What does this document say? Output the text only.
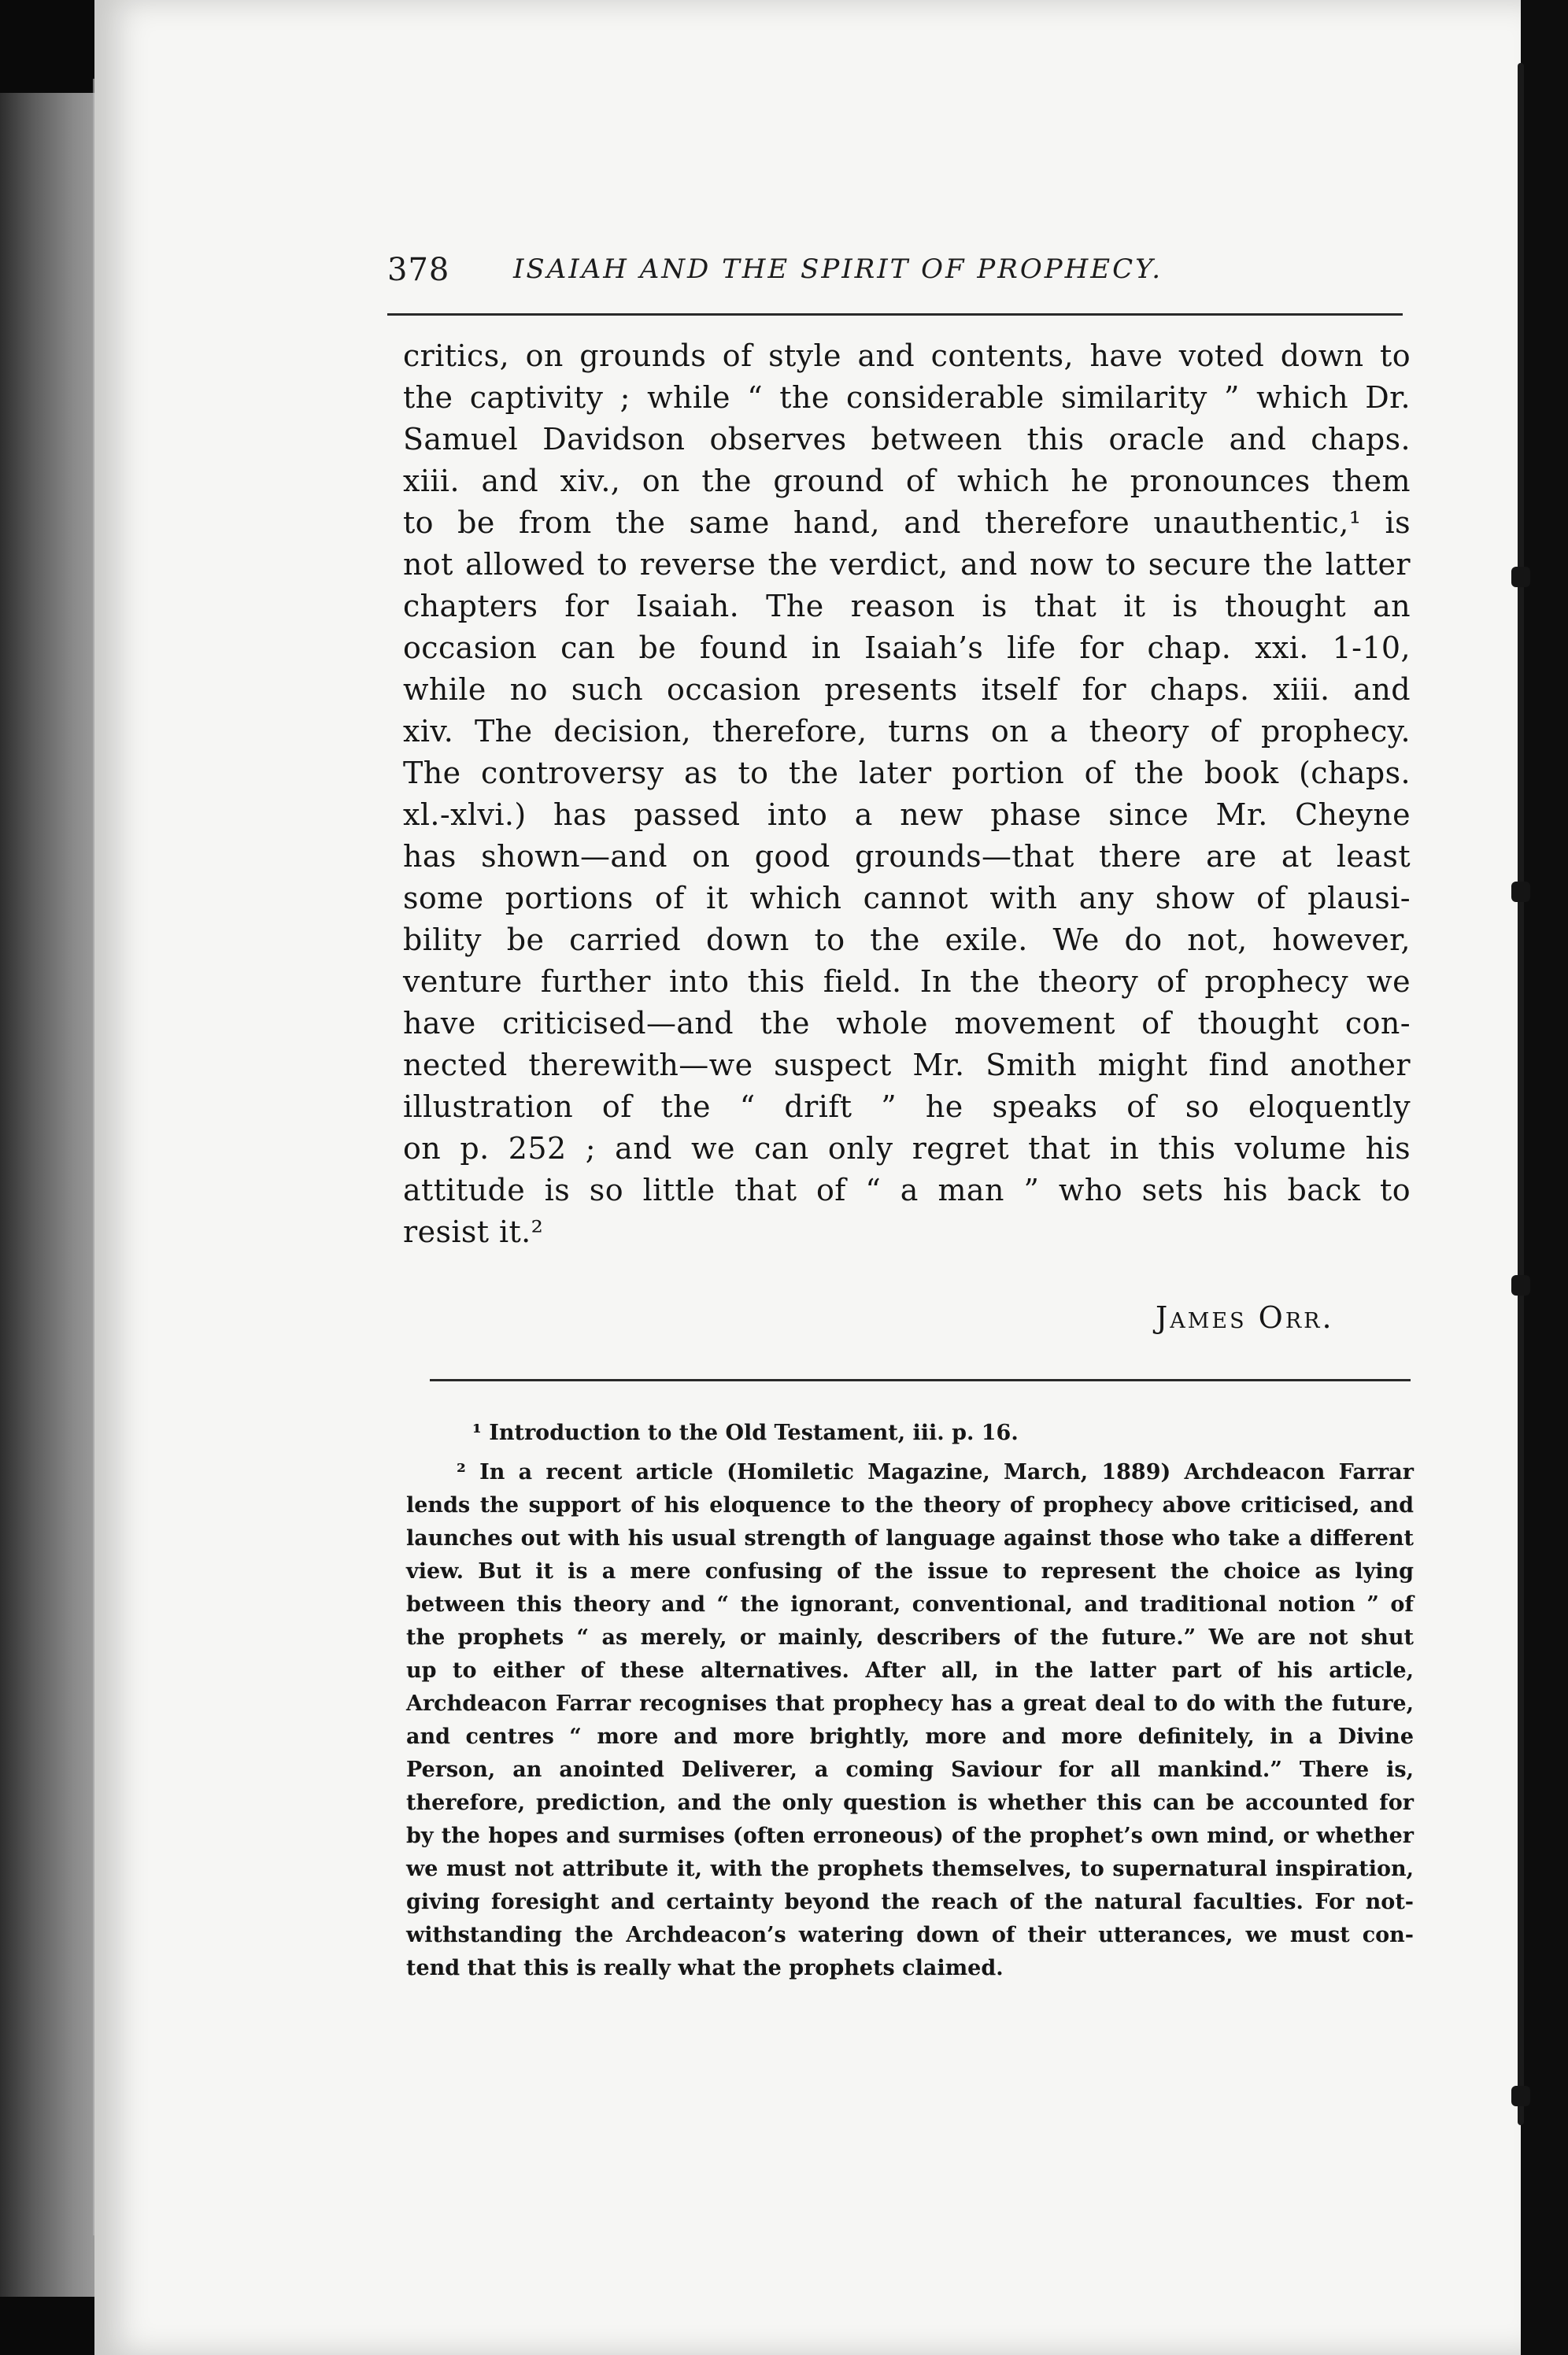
378 ISAIAH AND THE SPIRIT OF PROPHECY.
critics, on grounds of style and contents, have voted down to
the captivity ; while “ the considerable similarity ” which Dr.
Samuel Davidson observes between this oracle and chaps.
xiii. and xiv., on the ground of which he pronounces them
to be from the same hand, and therefore unauthentic,¹ is
not allowed to reverse the verdict, and now to secure the latter
chapters for Isaiah. The reason is that it is thought an
occasion can be found in Isaiah’s life for chap. xxi. 1-10,
while no such occasion presents itself for chaps. xiii. and
xiv. The decision, therefore, turns on a theory of prophecy.
The controversy as to the later portion of the book (chaps.
xl.-xlvi.) has passed into a new phase since Mr. Cheyne
has shown—and on good grounds—that there are at least
some portions of it which cannot with any show of plausi-
bility be carried down to the exile. We do not, however,
venture further into this field. In the theory of prophecy we
have criticised—and the whole movement of thought con-
nected therewith—we suspect Mr. Smith might find another
illustration of the “ drift ” he speaks of so eloquently
on p. 252 ; and we can only regret that in this volume his
attitude is so little that of “ a man ” who sets his back to
resist it.²
James Orr.
¹ Introduction to the Old Testament, iii. p. 16.
² In a recent article (Homiletic Magazine, March, 1889) Archdeacon Farrar
lends the support of his eloquence to the theory of prophecy above criticised, and
launches out with his usual strength of language against those who take a different
view. But it is a mere confusing of the issue to represent the choice as lying
between this theory and “ the ignorant, conventional, and traditional notion ” of
the prophets “ as merely, or mainly, describers of the future.” We are not shut
up to either of these alternatives. After all, in the latter part of his article,
Archdeacon Farrar recognises that prophecy has a great deal to do with the future,
and centres “ more and more brightly, more and more definitely, in a Divine
Person, an anointed Deliverer, a coming Saviour for all mankind.” There is,
therefore, prediction, and the only question is whether this can be accounted for
by the hopes and surmises (often erroneous) of the prophet’s own mind, or whether
we must not attribute it, with the prophets themselves, to supernatural inspiration,
giving foresight and certainty beyond the reach of the natural faculties. For not-
withstanding the Archdeacon’s watering down of their utterances, we must con-
tend that this is really what the prophets claimed.
